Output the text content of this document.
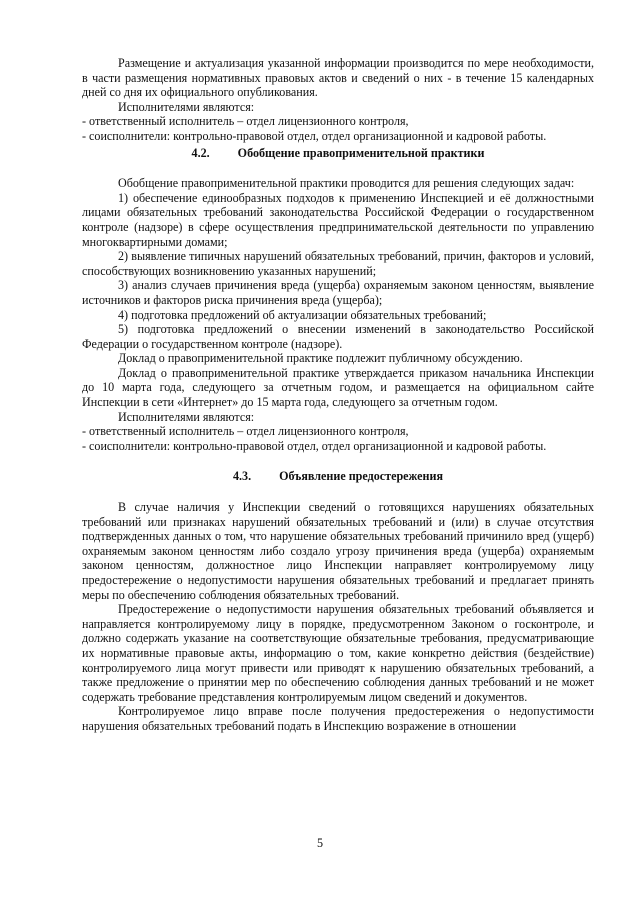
Размещение и актуализация указанной информации производится по мере необходимости, в части размещения нормативных правовых актов и сведений о них - в течение 15 календарных дней со дня их официального опубликования.

Исполнителями являются:

- ответственный исполнитель – отдел лицензионного контроля,

- соисполнители: контрольно-правовой отдел, отдел организационной и кадровой работы.

4.2. Обобщение правоприменительной практики

Обобщение правоприменительной практики проводится для решения следующих задач:

1) обеспечение единообразных подходов к применению Инспекцией и её должностными лицами обязательных требований законодательства Российской Федерации о государственном контроле (надзоре) в сфере осуществления предпринимательской деятельности по управлению многоквартирными домами;

2) выявление типичных нарушений обязательных требований, причин, факторов и условий, способствующих возникновению указанных нарушений;

3) анализ случаев причинения вреда (ущерба) охраняемым законом ценностям, выявление источников и факторов риска причинения вреда (ущерба);

4) подготовка предложений об актуализации обязательных требований;

5) подготовка предложений о внесении изменений в законодательство Российской Федерации о государственном контроле (надзоре).

Доклад о правоприменительной практике подлежит публичному обсуждению.

Доклад о правоприменительной практике утверждается приказом начальника Инспекции до 10 марта года, следующего за отчетным годом, и размещается на официальном сайте Инспекции в сети «Интернет» до 15 марта года, следующего за отчетным годом.

Исполнителями являются:

- ответственный исполнитель – отдел лицензионного контроля,

- соисполнители: контрольно-правовой отдел, отдел организационной и кадровой работы.

4.3. Объявление предостережения

В случае наличия у Инспекции сведений о готовящихся нарушениях обязательных требований или признаках нарушений обязательных требований и (или) в случае отсутствия подтвержденных данных о том, что нарушение обязательных требований причинило вред (ущерб) охраняемым законом ценностям либо создало угрозу причинения вреда (ущерба) охраняемым законом ценностям, должностное лицо Инспекции направляет контролируемому лицу предостережение о недопустимости нарушения обязательных требований и предлагает принять меры по обеспечению соблюдения обязательных требований.

Предостережение о недопустимости нарушения обязательных требований объявляется и направляется контролируемому лицу в порядке, предусмотренном Законом о госконтроле, и должно содержать указание на соответствующие обязательные требования, предусматривающие их нормативные правовые акты, информацию о том, какие конкретно действия (бездействие) контролируемого лица могут привести или приводят к нарушению обязательных требований, а также предложение о принятии мер по обеспечению соблюдения данных требований и не может содержать требование представления контролируемым лицом сведений и документов.

Контролируемое лицо вправе после получения предостережения о недопустимости нарушения обязательных требований подать в Инспекцию возражение в отношении

5
